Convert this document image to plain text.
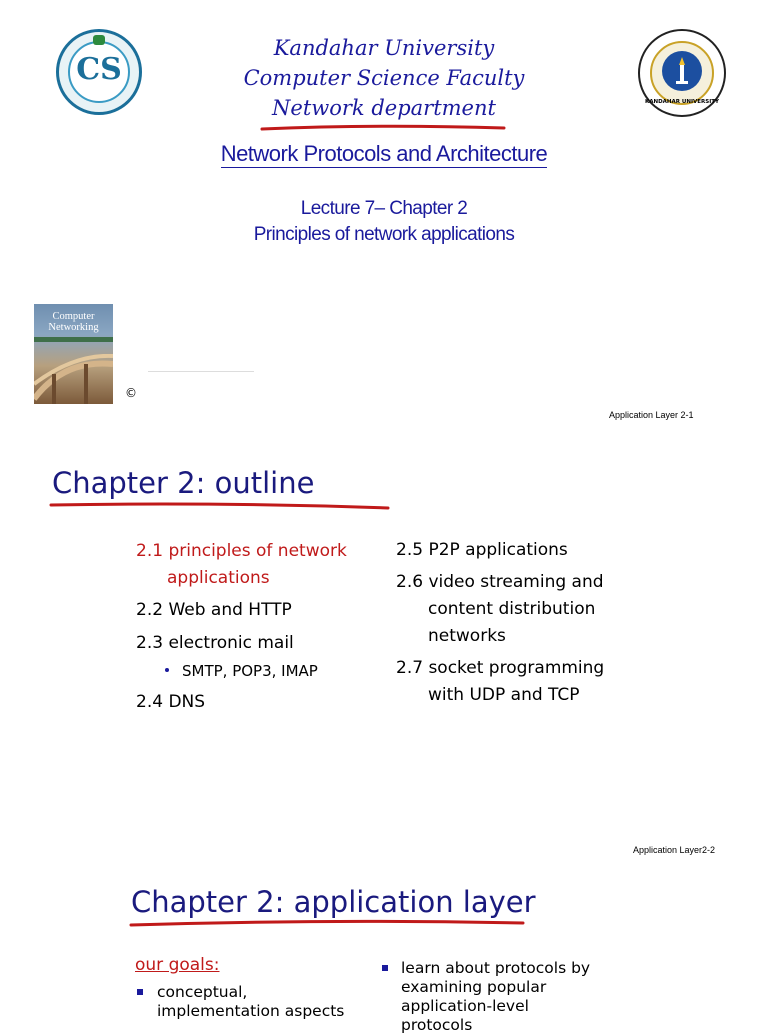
CS
KANDAHAR UNIVERSITY
Kandahar University
Computer Science Faculty
Network department
Network Protocols and Architecture
Lecture 7– Chapter 2
Principles of network applications
Computer
Networking
©
Application Layer 2-1
Chapter 2: outline
2.1 principles of network
applications
2.2 Web and HTTP
2.3 electronic mail
SMTP, POP3, IMAP
2.4 DNS
2.5 P2P applications
2.6 video streaming and
content distribution
networks
2.7 socket programming
with UDP and TCP
Application Layer2-2
Chapter 2: application layer
our goals:
conceptual,
implementation aspects
learn about protocols by
examining popular
application-level
protocols
